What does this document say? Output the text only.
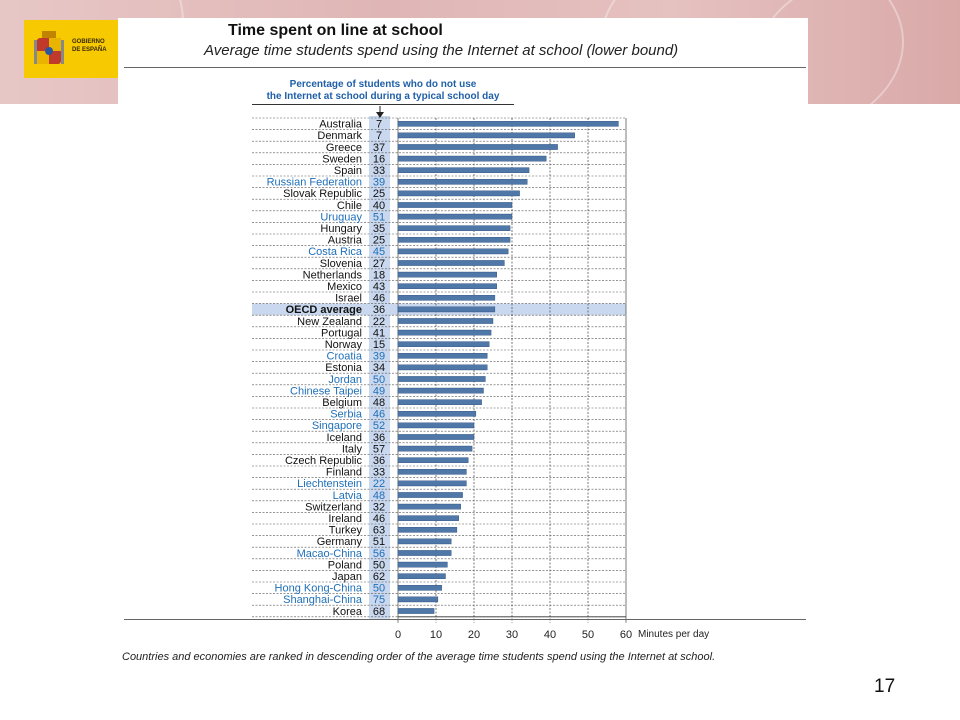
GOBIERNO
DE ESPAÑA
Time spent on line at school
Average time students spend using the Internet at school (lower bound)
Percentage of students who do not use
the Internet at school during a typical school day
0	10 20 30 40 50 60 Minutes per day
Australia 7
Denmark 7
Greece 37
Sweden 16
Spain 33
Russian Federation 39
Slovak Republic 25
Chile 40
Uruguay 51
Hungary 35
Austria 25
Costa Rica 45
Slovenia 27
Netherlands 18
Mexico 43
Israel 46
OECD average 36
New Zealand 22
Portugal 41
Norway 15
Croatia 39
Estonia 34
Jordan 50
Chinese Taipei 49
Belgium 48
Serbia 46
Singapore 52
Iceland 36
Italy 57
Czech Republic 36
Finland 33
Liechtenstein 22
Latvia 48
Switzerland 32
Ireland 46
Turkey 63
Germany 51
Macao-China 56
Poland 50
Japan 62
Hong Kong-China 50
Shanghai-China 75
Korea 68
Countries and economies are ranked in descending order of the average time students spend using the Internet at school.
17
